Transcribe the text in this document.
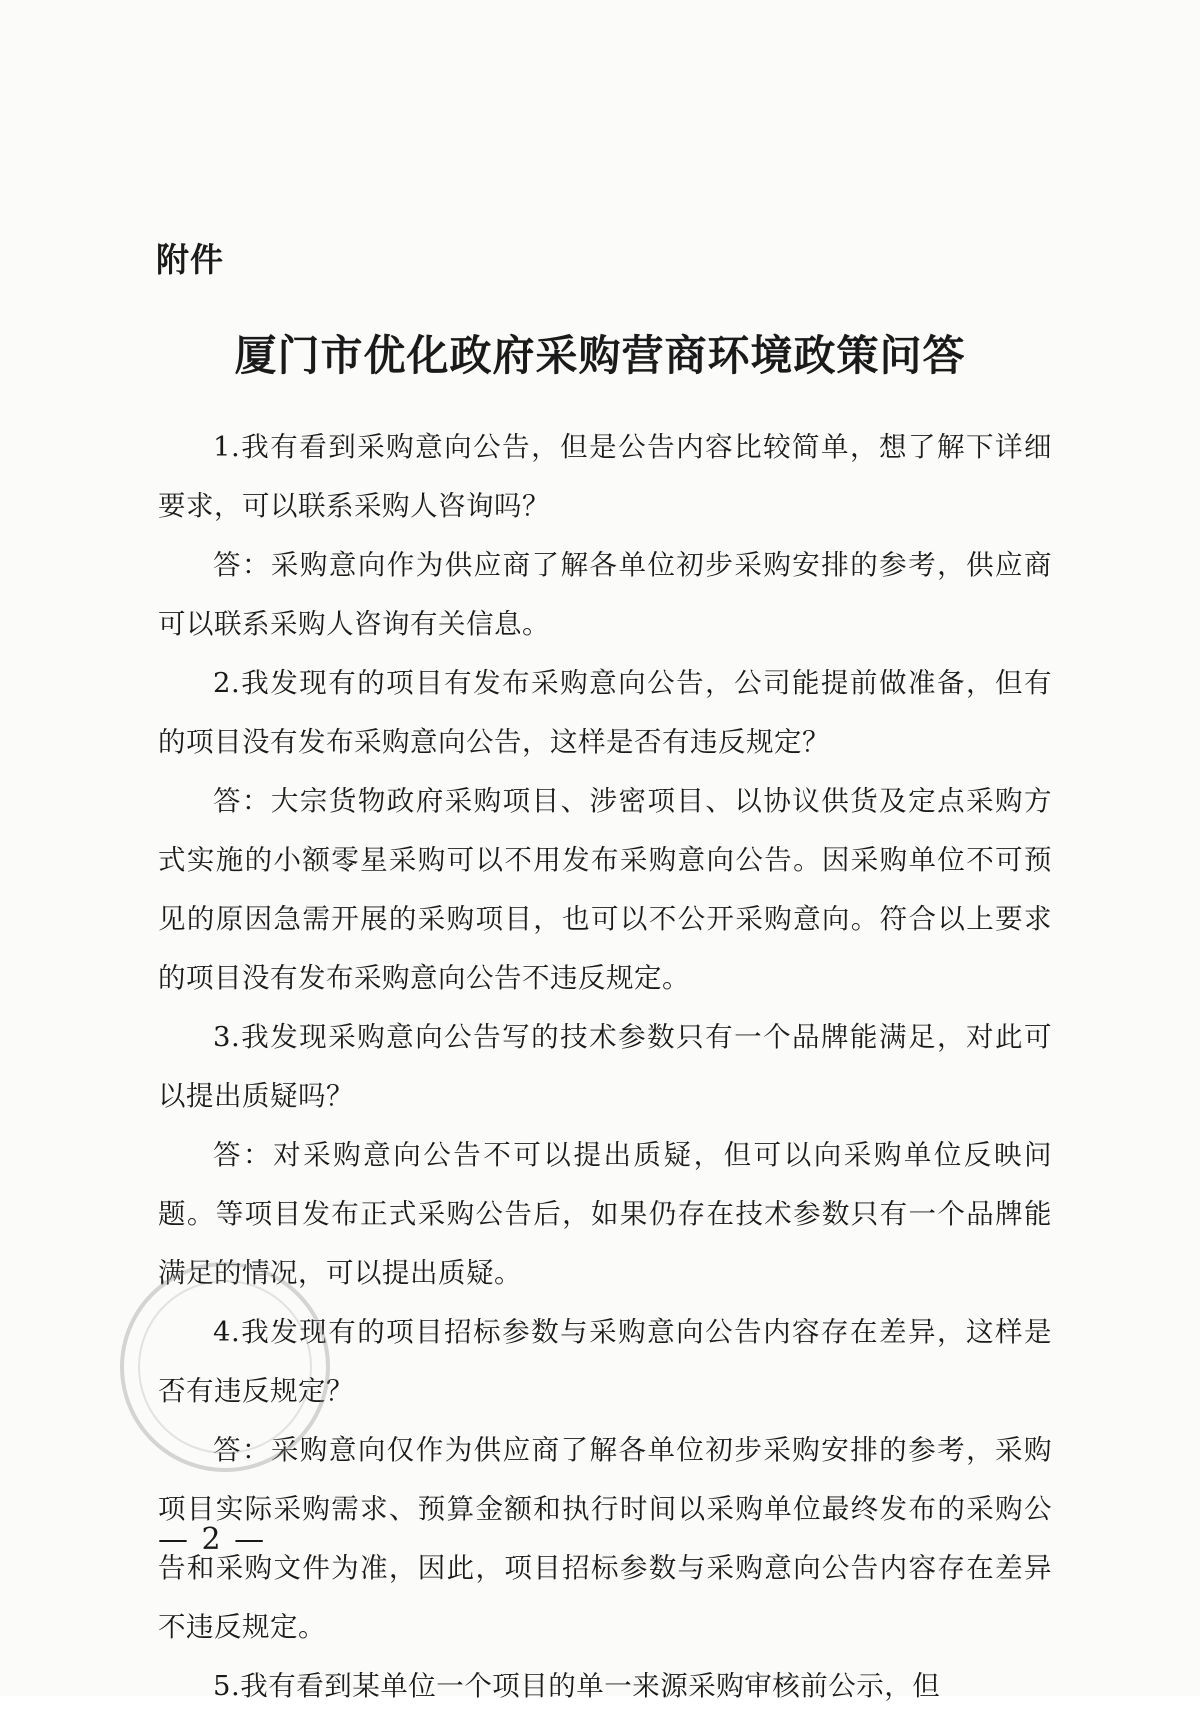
附件
厦门市优化政府采购营商环境政策问答

1.我有看到采购意向公告，但是公告内容比较简单，想了解下详细要求，可以联系采购人咨询吗？

答：采购意向作为供应商了解各单位初步采购安排的参考，供应商可以联系采购人咨询有关信息。

2.我发现有的项目有发布采购意向公告，公司能提前做准备，但有的项目没有发布采购意向公告，这样是否有违反规定？

答：大宗货物政府采购项目、涉密项目、以协议供货及定点采购方式实施的小额零星采购可以不用发布采购意向公告。因采购单位不可预见的原因急需开展的采购项目，也可以不公开采购意向。符合以上要求的项目没有发布采购意向公告不违反规定。

3.我发现采购意向公告写的技术参数只有一个品牌能满足，对此可以提出质疑吗？

答：对采购意向公告不可以提出质疑，但可以向采购单位反映问题。等项目发布正式采购公告后，如果仍存在技术参数只有一个品牌能满足的情况，可以提出质疑。

4.我发现有的项目招标参数与采购意向公告内容存在差异，这样是否有违反规定？

答：采购意向仅作为供应商了解各单位初步采购安排的参考，采购项目实际采购需求、预算金额和执行时间以采购单位最终发布的采购公告和采购文件为准，因此，项目招标参数与采购意向公告内容存在差异不违反规定。

5.我有看到某单位一个项目的单一来源采购审核前公示，但

— 2 —
